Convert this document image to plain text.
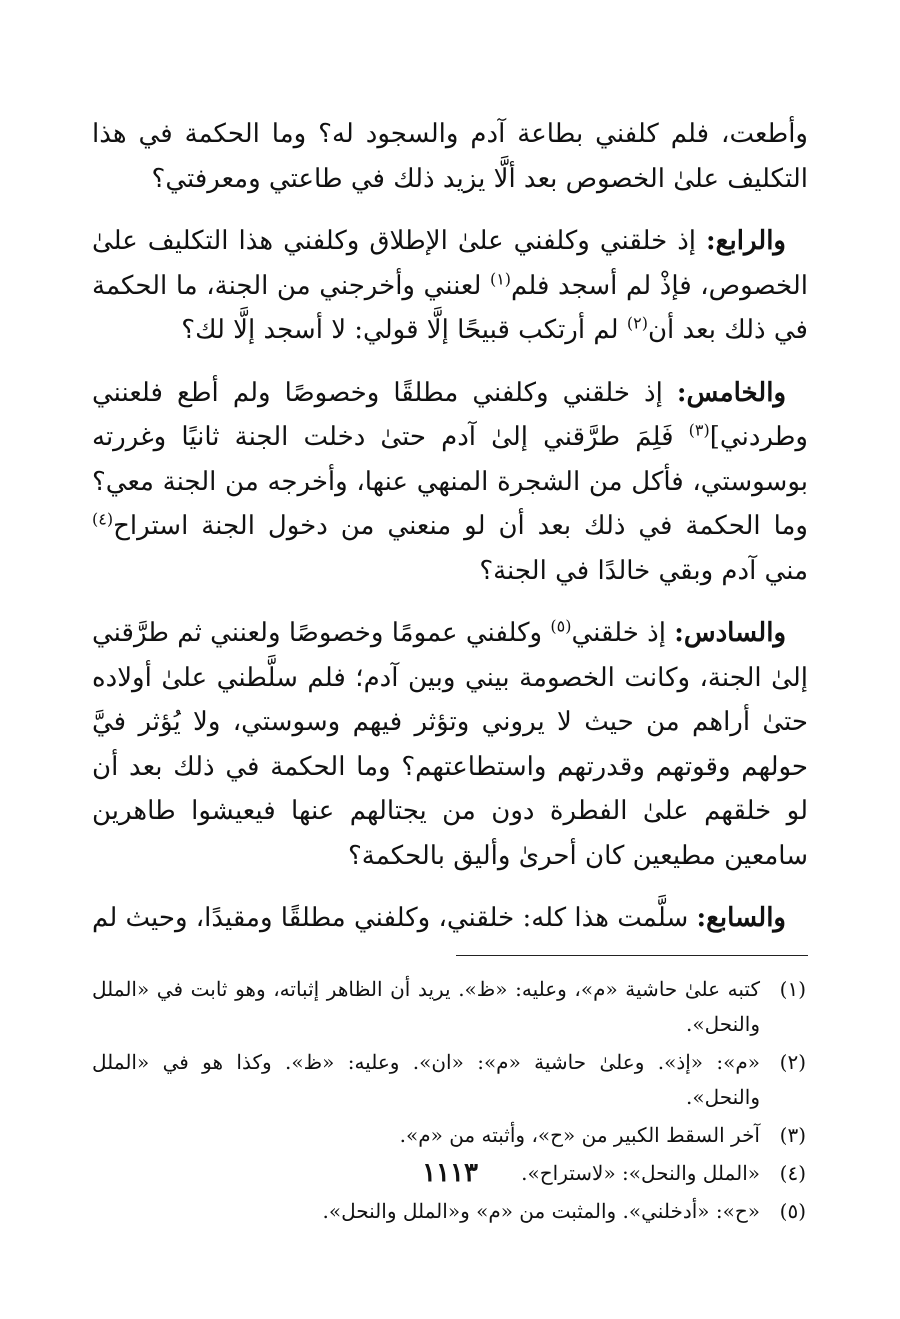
وأطعت، فلم كلفني بطاعة آدم والسجود له؟ وما الحكمة في هذا التكليف علىٰ الخصوص بعد ألَّا يزيد ذلك في طاعتي ومعرفتي؟

والرابع: إذ خلقني وكلفني علىٰ الإطلاق وكلفني هذا التكليف علىٰ الخصوص، فإذْ لم أسجد فلم$^{(١)}$ لعنني وأخرجني من الجنة، ما الحكمة في ذلك بعد أن$^{(٢)}$ لم أرتكب قبيحًا إلَّا قولي: لا أسجد إلَّا لك؟

والخامس: إذ خلقني وكلفني مطلقًا وخصوصًا ولم أطع فلعنني وطردني]$^{(٣)}$ فَلِمَ طرَّقني إلىٰ آدم حتىٰ دخلت الجنة ثانيًا وغررته بوسوستي، فأكل من الشجرة المنهي عنها، وأخرجه من الجنة معي؟ وما الحكمة في ذلك بعد أن لو منعني من دخول الجنة استراح$^{(٤)}$ مني آدم وبقي خالدًا في الجنة؟

والسادس: إذ خلقني$^{(٥)}$ وكلفني عمومًا وخصوصًا ولعنني ثم طرَّقني إلىٰ الجنة، وكانت الخصومة بيني وبين آدم؛ فلم سلَّطني علىٰ أولاده حتىٰ أراهم من حيث لا يروني وتؤثر فيهم وسوستي، ولا يُؤثر فيَّ حولهم وقوتهم وقدرتهم واستطاعتهم؟ وما الحكمة في ذلك بعد أن لو خلقهم علىٰ الفطرة دون من يجتالهم عنها فيعيشوا طاهرين سامعين مطيعين كان أحرىٰ وأليق بالحكمة؟

والسابع: سلَّمت هذا كله: خلقني، وكلفني مطلقًا ومقيدًا، وحيث لم

(١)
كتبه علىٰ حاشية «م»، وعليه: «ظ». يريد أن الظاهر إثباته، وهو ثابت في «الملل والنحل».
(٢)
«م»: «إذ». وعلىٰ حاشية «م»: «ان». وعليه: «ظ». وكذا هو في «الملل والنحل».
(٣)
آخر السقط الكبير من «ح»، وأثبته من «م».
(٤)
«الملل والنحل»: «لاستراح».
(٥)
«ح»: «أدخلني». والمثبت من «م» و«الملل والنحل».
١١١٣
